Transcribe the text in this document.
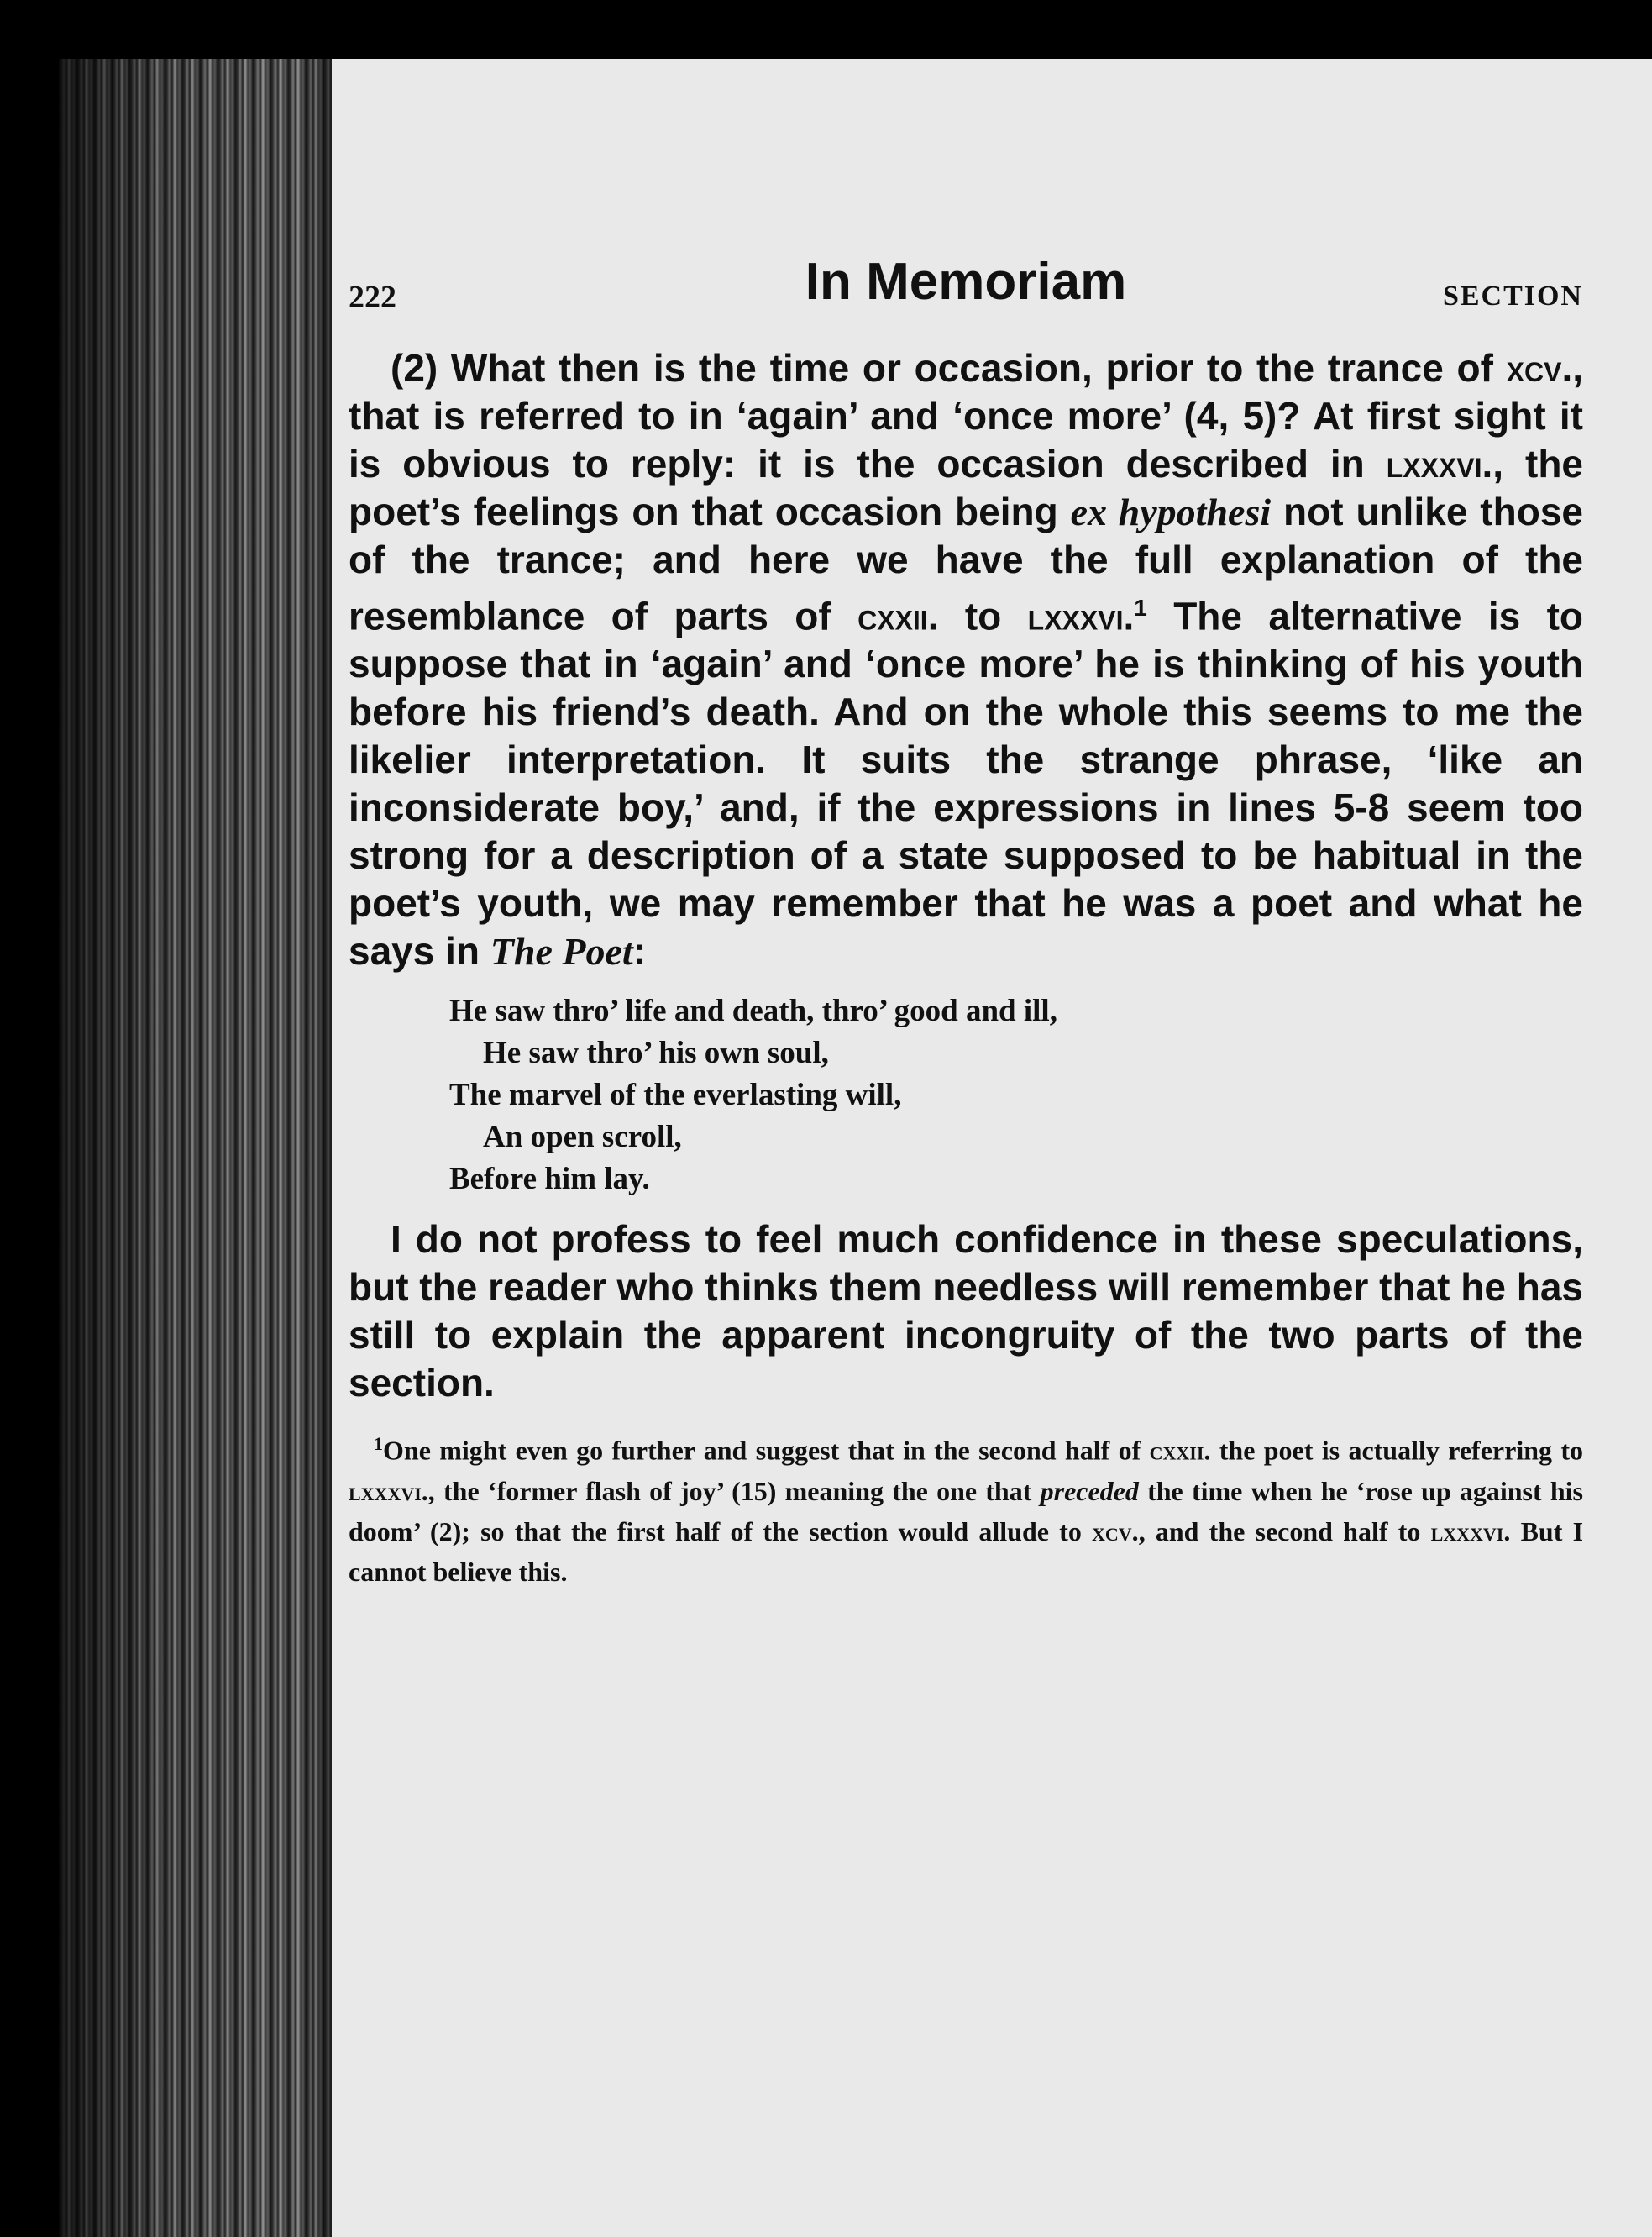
222	In Memoriam	SECTION

(2) What then is the time or occasion, prior to the trance of xcv., that is referred to in ‘again’ and ‘once more’ (4, 5)? At first sight it is obvious to reply: it is the occasion described in lxxxvi., the poet’s feelings on that occasion being ex hypothesi not unlike those of the trance; and here we have the full explanation of the resemblance of parts of cxxii. to lxxxvi.$^1$ The alternative is to suppose that in ‘again’ and ‘once more’ he is thinking of his youth before his friend’s death. And on the whole this seems to me the likelier interpretation. It suits the strange phrase, ‘like an inconsiderate boy,’ and, if the expressions in lines 5-8 seem too strong for a description of a state supposed to be habitual in the poet’s youth, we may remember that he was a poet and what he says in The Poet:

He saw thro’ life and death, thro’ good and ill,
He saw thro’ his own soul,
The marvel of the everlasting will,
An open scroll,
Before him lay.

I do not profess to feel much confidence in these speculations, but the reader who thinks them needless will remember that he has still to explain the apparent incongruity of the two parts of the section.

$^1$One might even go further and suggest that in the second half of cxxii. the poet is actually referring to lxxxvi., the ‘former flash of joy’ (15) meaning the one that preceded the time when he ‘rose up against his doom’ (2); so that the first half of the section would allude to xcv., and the second half to lxxxvi. But I cannot believe this.
